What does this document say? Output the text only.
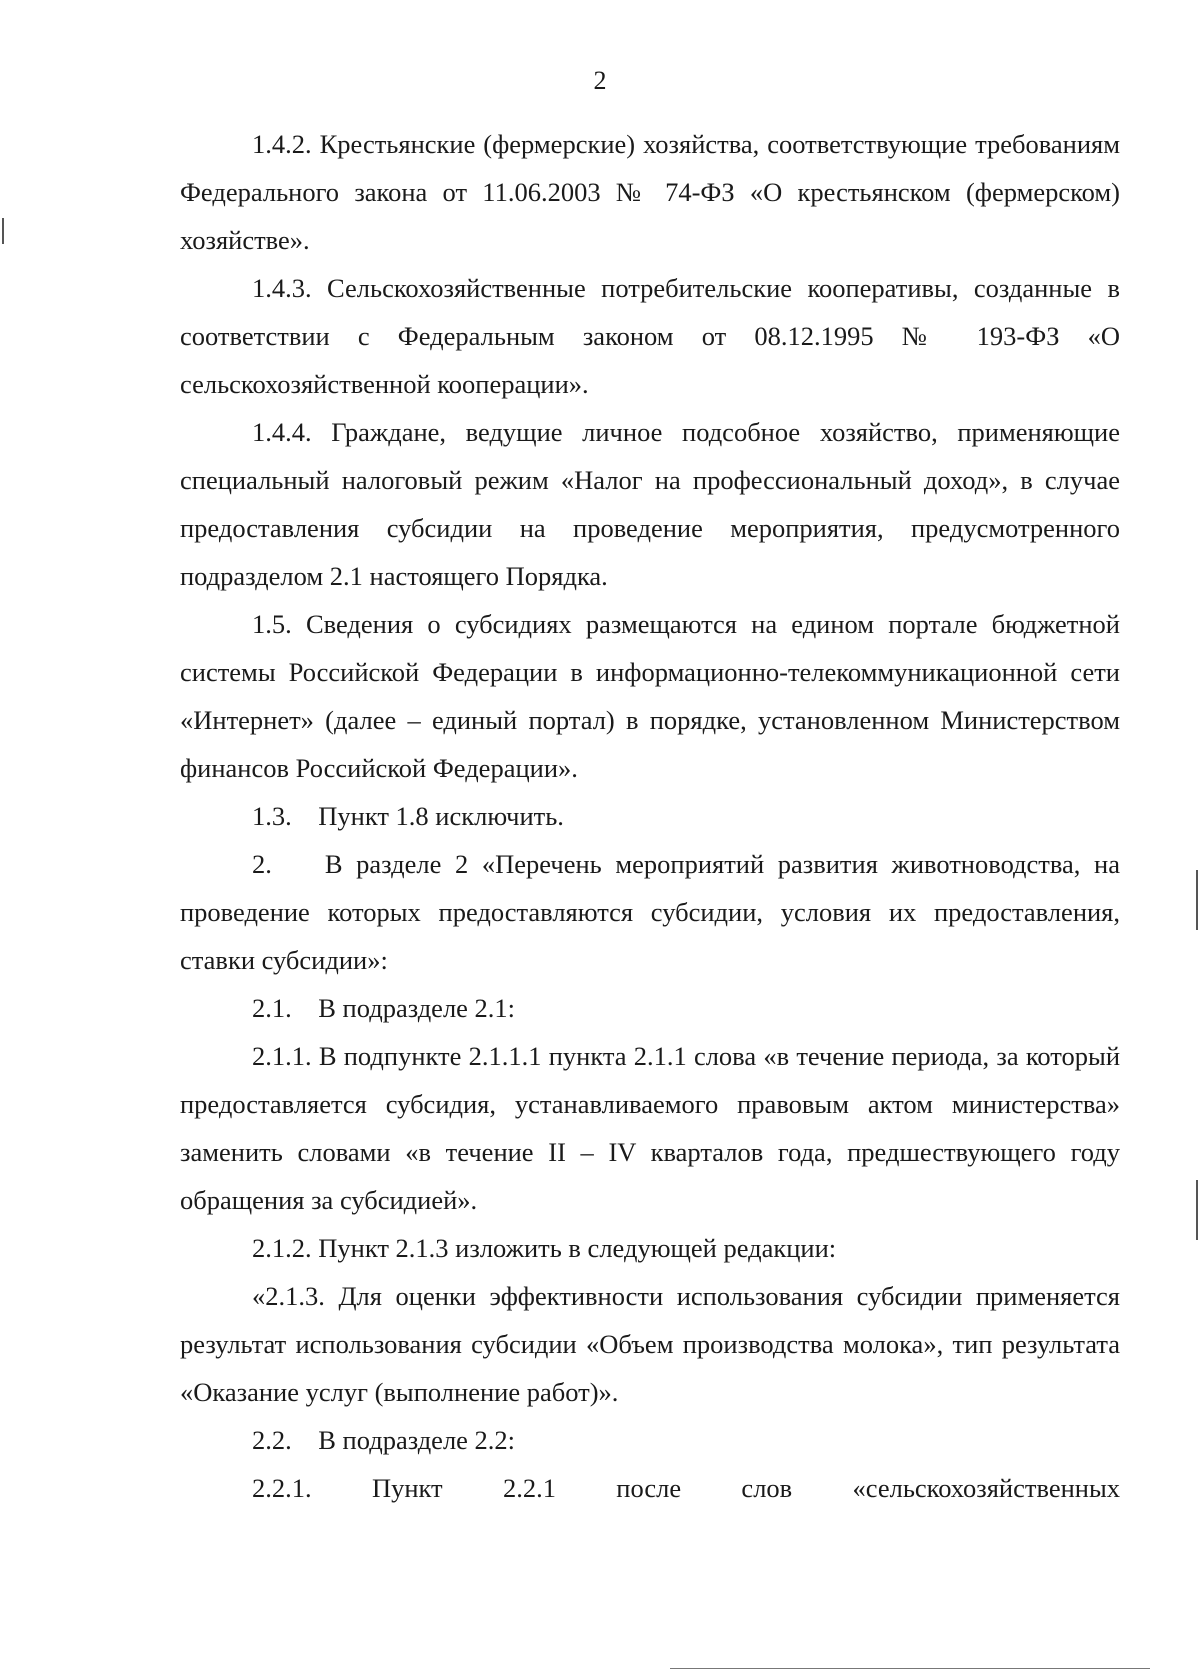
2

1.4.2. Крестьянские (фермерские) хозяйства, соответствующие требованиям Федерального закона от 11.06.2003 № 74-ФЗ «О крестьянском (фермерском) хозяйстве».

1.4.3. Сельскохозяйственные потребительские кооперативы, созданные в соответствии с Федеральным законом от 08.12.1995 № 193-ФЗ «О сельскохозяйственной кооперации».

1.4.4. Граждане, ведущие личное подсобное хозяйство, применяющие специальный налоговый режим «Налог на профессиональный доход», в случае предоставления субсидии на проведение мероприятия, предусмотренного подразделом 2.1 настоящего Порядка.

1.5. Сведения о субсидиях размещаются на едином портале бюджетной системы Российской Федерации в информационно-телекоммуникационной сети «Интернет» (далее – единый портал) в порядке, установленном Министерством финансов Российской Федерации».

1.3. Пункт 1.8 исключить.

2.  В разделе 2 «Перечень мероприятий развития животноводства, на проведение которых предоставляются субсидии, условия их предоставления, ставки субсидии»:

2.1. В подразделе 2.1:

2.1.1. В подпункте 2.1.1.1 пункта 2.1.1 слова «в течение периода, за который предоставляется субсидия, устанавливаемого правовым актом министерства» заменить словами «в течение II – IV кварталов года, предшествующего году обращения за субсидией».

2.1.2. Пункт 2.1.3 изложить в следующей редакции:

«2.1.3. Для оценки эффективности использования субсидии применяется результат использования субсидии «Объем производства молока», тип результата «Оказание услуг (выполнение работ)».

2.2. В подразделе 2.2:

2.2.1. Пункт 2.2.1 после слов «сельскохозяйственных
